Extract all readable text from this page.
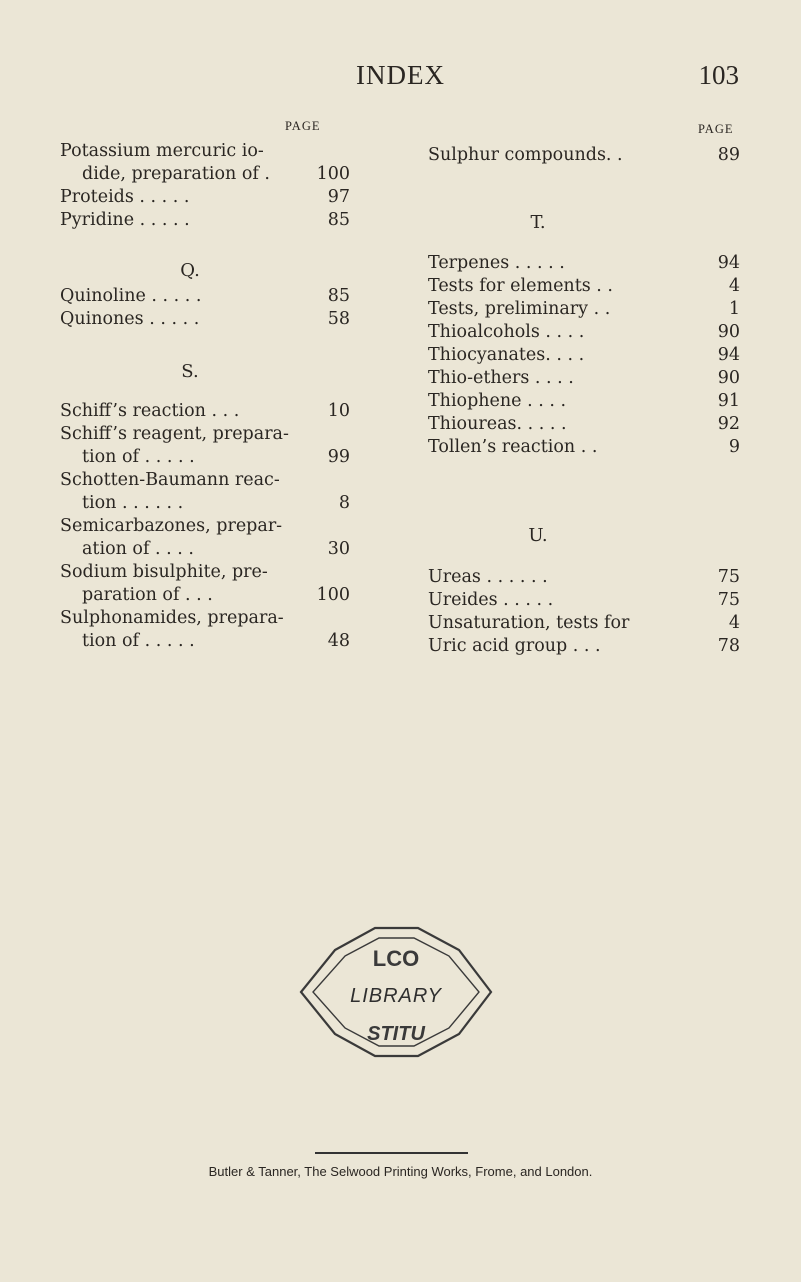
INDEX	103
PAGE
Potassium mercuric io-
dide, preparation of .	100
Proteids . . . . .	97
Pyridine . . . . .	85
Q.
Quinoline . . . . .	85
Quinones . . . . .	58
S.
Schiff’s reaction . . .	10
Schiff’s reagent, prepara-
tion of . . . . .	99
Schotten-Baumann reac-
tion . . . . . .	8
Semicarbazones, prepar-
ation of . . . .	30
Sodium bisulphite, pre-
paration of . . .	100
Sulphonamides, prepara-
tion of . . . . .	48
PAGE
Sulphur compounds. .	89
T.
Terpenes . . . . .	94
Tests for elements . .	4
Tests, preliminary . .	1
Thioalcohols . . . .	90
Thiocyanates. . . .	94
Thio-ethers . . . .	90
Thiophene . . . .	91
Thioureas. . . . .	92
Tollen’s reaction . .	9
U.
Ureas . . . . . .	75
Ureides . . . . .	75
Unsaturation, tests for	4
Uric acid group . . .	78
LCO
LIBRARY
STITU
Butler & Tanner, The Selwood Printing Works, Frome, and London.
